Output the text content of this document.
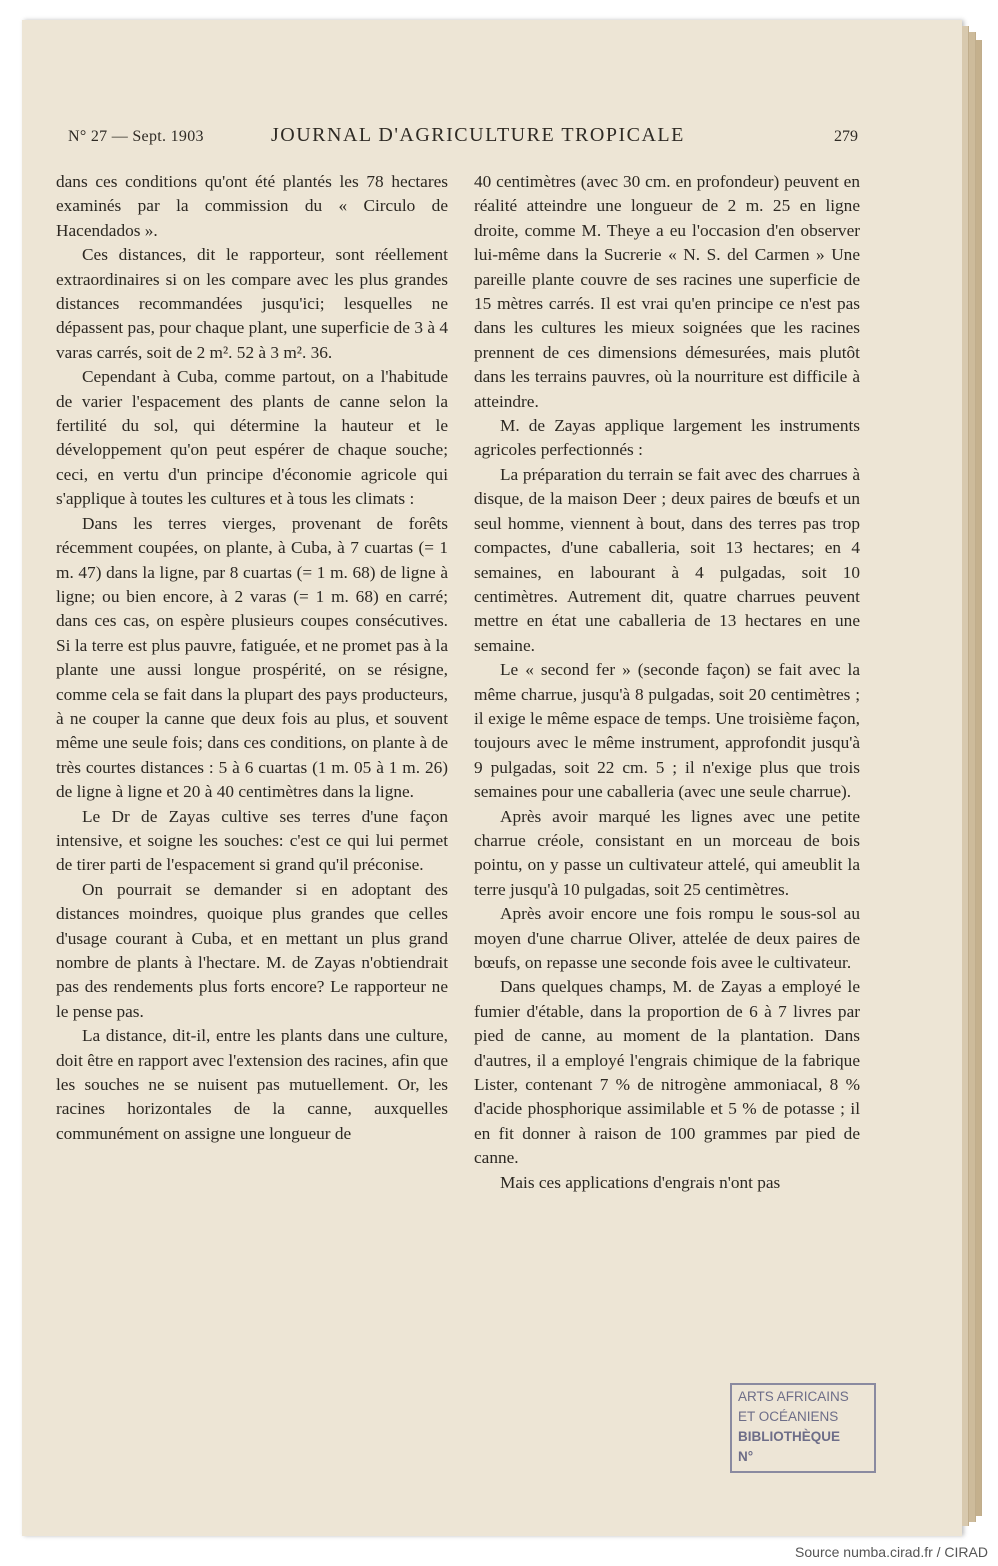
N° 27 — Sept. 1903	JOURNAL D'AGRICULTURE TROPICALE	279

dans ces conditions qu'ont été plantés les 78 hectares examinés par la commission du « Circulo de Hacendados ».

Ces distances, dit le rapporteur, sont réellement extraordinaires si on les compare avec les plus grandes distances recommandées jusqu'ici; lesquelles ne dépassent pas, pour chaque plant, une superficie de 3 à 4 varas carrés, soit de 2 m². 52 à 3 m². 36.

Cependant à Cuba, comme partout, on a l'habitude de varier l'espacement des plants de canne selon la fertilité du sol, qui détermine la hauteur et le développement qu'on peut espérer de chaque souche; ceci, en vertu d'un principe d'économie agricole qui s'applique à toutes les cultures et à tous les climats :

Dans les terres vierges, provenant de forêts récemment coupées, on plante, à Cuba, à 7 cuartas (= 1 m. 47) dans la ligne, par 8 cuartas (= 1 m. 68) de ligne à ligne; ou bien encore, à 2 varas (= 1 m. 68) en carré; dans ces cas, on espère plusieurs coupes consécutives. Si la terre est plus pauvre, fatiguée, et ne promet pas à la plante une aussi longue prospérité, on se résigne, comme cela se fait dans la plupart des pays producteurs, à ne couper la canne que deux fois au plus, et souvent même une seule fois; dans ces conditions, on plante à de très courtes distances : 5 à 6 cuartas (1 m. 05 à 1 m. 26) de ligne à ligne et 20 à 40 centimètres dans la ligne.

Le Dr de Zayas cultive ses terres d'une façon intensive, et soigne les souches: c'est ce qui lui permet de tirer parti de l'espacement si grand qu'il préconise.

On pourrait se demander si en adoptant des distances moindres, quoique plus grandes que celles d'usage courant à Cuba, et en mettant un plus grand nombre de plants à l'hectare. M. de Zayas n'obtiendrait pas des rendements plus forts encore? Le rapporteur ne le pense pas.

La distance, dit-il, entre les plants dans une culture, doit être en rapport avec l'extension des racines, afin que les souches ne se nuisent pas mutuellement. Or, les racines horizontales de la canne, auxquelles communément on assigne une longueur de

40 centimètres (avec 30 cm. en profondeur) peuvent en réalité atteindre une longueur de 2 m. 25 en ligne droite, comme M. Theye a eu l'occasion d'en observer lui-même dans la Sucrerie « N. S. del Carmen » Une pareille plante couvre de ses racines une superficie de 15 mètres carrés. Il est vrai qu'en principe ce n'est pas dans les cultures les mieux soignées que les racines prennent de ces dimensions démesurées, mais plutôt dans les terrains pauvres, où la nourriture est difficile à atteindre.

M. de Zayas applique largement les instruments agricoles perfectionnés :

La préparation du terrain se fait avec des charrues à disque, de la maison Deer ; deux paires de bœufs et un seul homme, viennent à bout, dans des terres pas trop compactes, d'une caballeria, soit 13 hectares; en 4 semaines, en labourant à 4 pulgadas, soit 10 centimètres. Autrement dit, quatre charrues peuvent mettre en état une caballeria de 13 hectares en une semaine.

Le « second fer » (seconde façon) se fait avec la même charrue, jusqu'à 8 pulgadas, soit 20 centimètres ; il exige le même espace de temps. Une troisième façon, toujours avec le même instrument, approfondit jusqu'à 9 pulgadas, soit 22 cm. 5 ; il n'exige plus que trois semaines pour une caballeria (avec une seule charrue).

Après avoir marqué les lignes avec une petite charrue créole, consistant en un morceau de bois pointu, on y passe un cultivateur attelé, qui ameublit la terre jusqu'à 10 pulgadas, soit 25 centimètres.

Après avoir encore une fois rompu le sous-sol au moyen d'une charrue Oliver, attelée de deux paires de bœufs, on repasse une seconde fois avee le cultivateur.

Dans quelques champs, M. de Zayas a employé le fumier d'étable, dans la proportion de 6 à 7 livres par pied de canne, au moment de la plantation. Dans d'autres, il a employé l'engrais chimique de la fabrique Lister, contenant 7 % de nitrogène ammoniacal, 8 % d'acide phosphorique assimilable et 5 % de potasse ; il en fit donner à raison de 100 grammes par pied de canne.

Mais ces applications d'engrais n'ont pas

ARTS AFRICAINS
ET OCÉANIENS
BIBLIOTHÈQUE
N°
Source numba.cirad.fr / CIRAD
